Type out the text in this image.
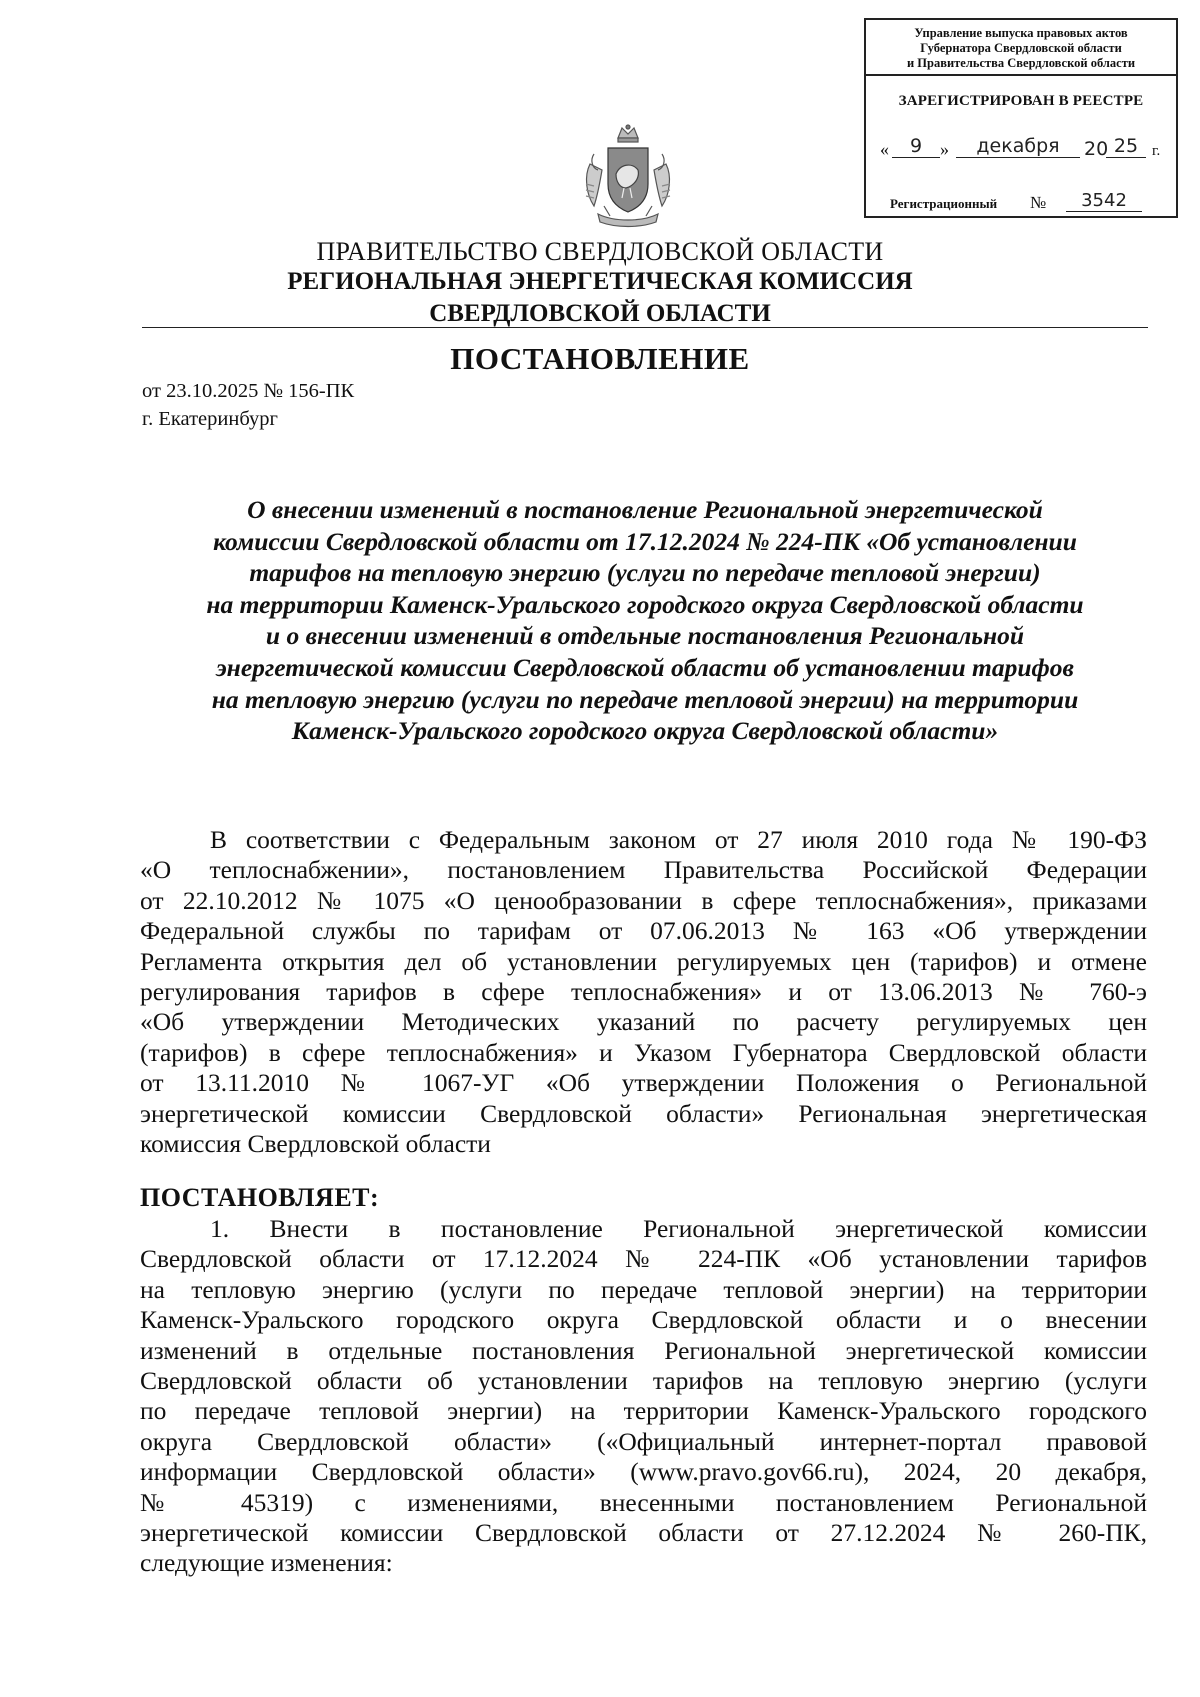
Управление выпуска правовых актов
Губернатора Свердловской области
и Правительства Свердловской области
ЗАРЕГИСТРИРОВАН В РЕЕСТРЕ
«	9 »	декабря	20 25 г.
Регистрационный №	3542
ПРАВИТЕЛЬСТВО СВЕРДЛОВСКОЙ ОБЛАСТИ
РЕГИОНАЛЬНАЯ ЭНЕРГЕТИЧЕСКАЯ КОМИССИЯ
СВЕРДЛОВСКОЙ ОБЛАСТИ
ПОСТАНОВЛЕНИЕ
от 23.10.2025 № 156-ПК
г. Екатеринбург
О внесении изменений в постановление Региональной энергетической
комиссии Свердловской области от 17.12.2024 № 224-ПК «Об установлении
тарифов на тепловую энергию (услуги по передаче тепловой энергии)
на территории Каменск-Уральского городского округа Свердловской области
и о внесении изменений в отдельные постановления Региональной
энергетической комиссии Свердловской области об установлении тарифов
на тепловую энергию (услуги по передаче тепловой энергии) на территории
Каменск-Уральского городского округа Свердловской области»
В соответствии с Федеральным законом от 27 июля 2010 года № 190-ФЗ
«О теплоснабжении», постановлением Правительства Российской Федерации
от 22.10.2012 № 1075 «О ценообразовании в сфере теплоснабжения», приказами
Федеральной службы по тарифам от 07.06.2013 № 163 «Об утверждении
Регламента открытия дел об установлении регулируемых цен (тарифов) и отмене
регулирования тарифов в сфере теплоснабжения» и от 13.06.2013 № 760-э
«Об утверждении Методических указаний по расчету регулируемых цен
(тарифов) в сфере теплоснабжения» и Указом Губернатора Свердловской области
от 13.11.2010 № 1067-УГ «Об утверждении Положения о Региональной
энергетической комиссии Свердловской области» Региональная энергетическая
комиссия Свердловской области
ПОСТАНОВЛЯЕТ:
1. Внести в постановление Региональной энергетической комиссии
Свердловской области от 17.12.2024 № 224-ПК «Об установлении тарифов
на тепловую энергию (услуги по передаче тепловой энергии) на территории
Каменск-Уральского городского округа Свердловской области и о внесении
изменений в отдельные постановления Региональной энергетической комиссии
Свердловской области об установлении тарифов на тепловую энергию (услуги
по передаче тепловой энергии) на территории Каменск-Уральского городского
округа Свердловской области» («Официальный интернет-портал правовой
информации Свердловской области» (www.pravo.gov66.ru), 2024, 20 декабря,
№ 45319) с изменениями, внесенными постановлением Региональной
энергетической комиссии Свердловской области от 27.12.2024 № 260-ПК,
следующие изменения:
